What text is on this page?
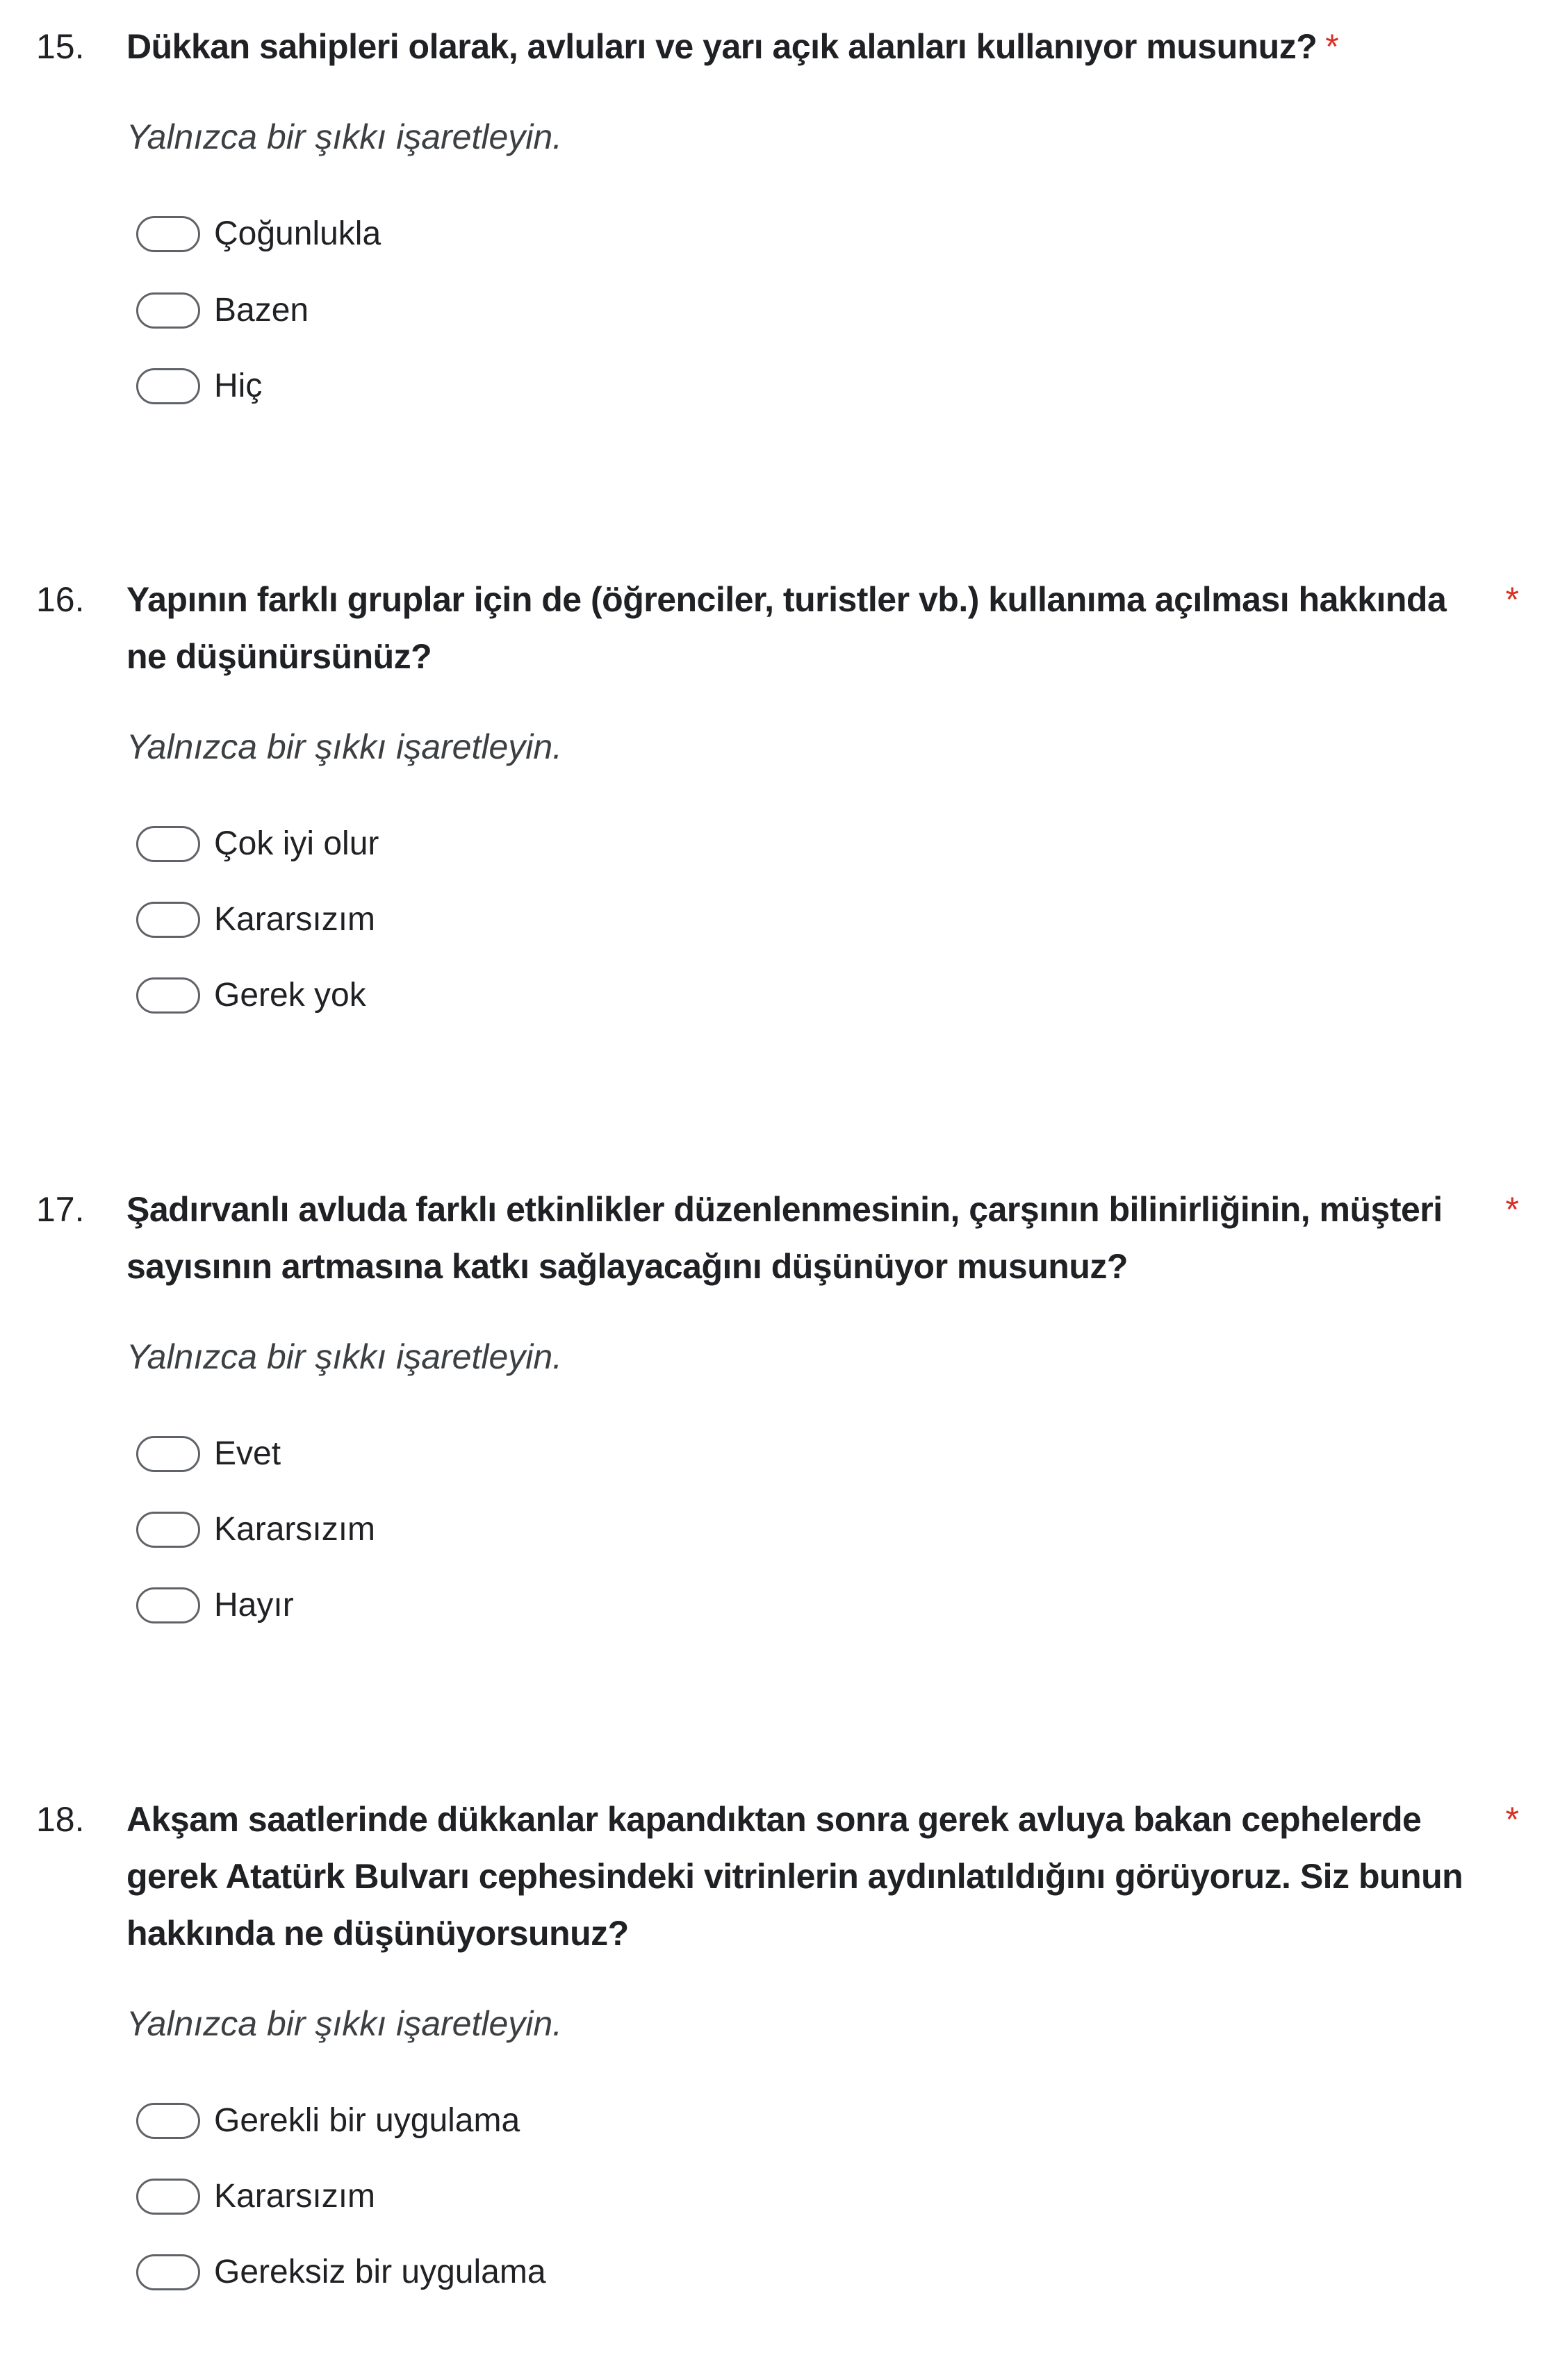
15. Dükkan sahipleri olarak, avluları ve yarı açık alanları kullanıyor musunuz? *
Yalnızca bir şıkkı işaretleyin.
Çoğunlukla
Bazen
Hiç
16. Yapının farklı gruplar için de (öğrenciler, turistler vb.) kullanıma açılması hakkında ne düşünürsünüz?
*
Yalnızca bir şıkkı işaretleyin.
Çok iyi olur
Kararsızım
Gerek yok
17. Şadırvanlı avluda farklı etkinlikler düzenlenmesinin, çarşının bilinirliğinin, müşteri sayısının artmasına katkı sağlayacağını düşünüyor musunuz?
*
Yalnızca bir şıkkı işaretleyin.
Evet
Kararsızım
Hayır
18. Akşam saatlerinde dükkanlar kapandıktan sonra gerek avluya bakan cephelerde gerek Atatürk Bulvarı cephesindeki vitrinlerin aydınlatıldığını görüyoruz. Siz bunun hakkında ne düşünüyorsunuz?
*
Yalnızca bir şıkkı işaretleyin.
Gerekli bir uygulama
Kararsızım
Gereksiz bir uygulama
